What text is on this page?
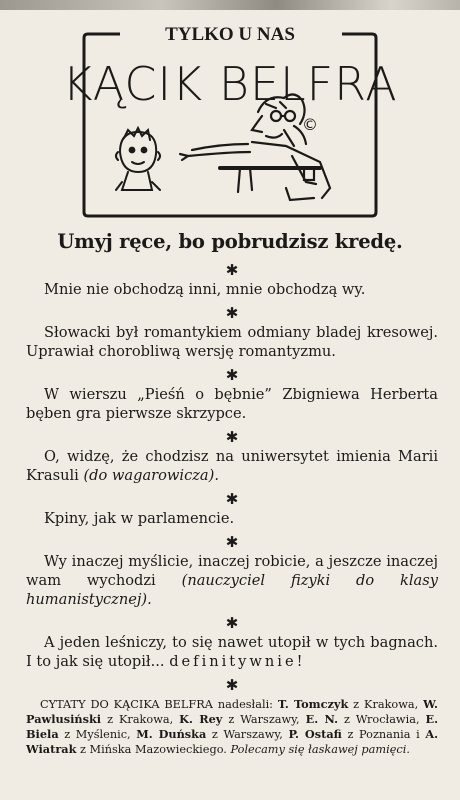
TYLKO U NAS
KĄCIK BELFRA
©
Umyj ręce, bo pobrudzisz kredę.
✱

Mnie nie obchodzą inni, mnie obchodzą wy.

✱

Słowacki był romantykiem odmiany bladej kresowej. Uprawiał chorobliwą wersję romantyzmu.

✱

W wierszu „Pieśń o bębnie” Zbigniewa Herberta bęben gra pierwsze skrzypce.

✱

O, widzę, że chodzisz na uniwersytet imienia Marii Krasuli (do wagarowicza).

✱

Kpiny, jak w parlamencie.

✱

Wy inaczej myślicie, inaczej robicie, a jeszcze inaczej wam wychodzi (nauczyciel fizyki do klasy humanistycznej).

✱

A jeden leśniczy, to się nawet utopił w tych bagnach. I to jak się utopił... definitywnie!

✱

CYTATY DO KĄCIKA BELFRA nadesłali: T. Tomczyk z Krakowa, W. Pawlusiński z Krakowa, K. Rey z Warszawy, E. N. z Wrocławia, E. Biela z Myślenic, M. Duńska z Warszawy, P. Ostafi z Poznania i A. Wiatrak z Mińska Mazowieckiego. Polecamy się łaskawej pamięci.
